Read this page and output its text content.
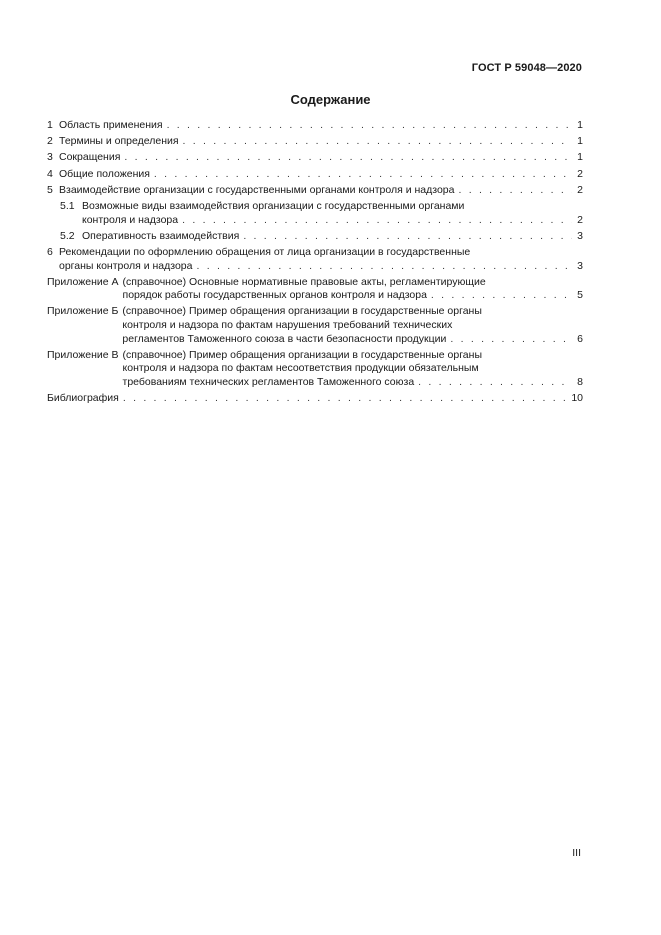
ГОСТ Р 59048—2020
Содержание
1 Область применения . . .	1
2 Термины и определения . . .	1
3 Сокращения . . .	1
4 Общие положения . . .	2
5 Взаимодействие организации с государственными органами контроля и надзора . . .	2
5.1 Возможные виды взаимодействия организации с государственными органами
контроля и надзора . . .	2
5.2 Оперативность взаимодействия . . .	3
6 Рекомендации по оформлению обращения от лица организации в государственные
органы контроля и надзора . . .	3
Приложение А (справочное) Основные нормативные правовые акты, регламентирующие
порядок работы государственных органов контроля и надзора . . .	5
Приложение Б (справочное) Пример обращения организации в государственные органы
контроля и надзора по фактам нарушения требований технических
регламентов Таможенного союза в части безопасности продукции . . .	6
Приложение В (справочное) Пример обращения организации в государственные органы
контроля и надзора по фактам несоответствия продукции обязательным
требованиям технических регламентов Таможенного союза . . .	8
Библиография . . .	10
III
